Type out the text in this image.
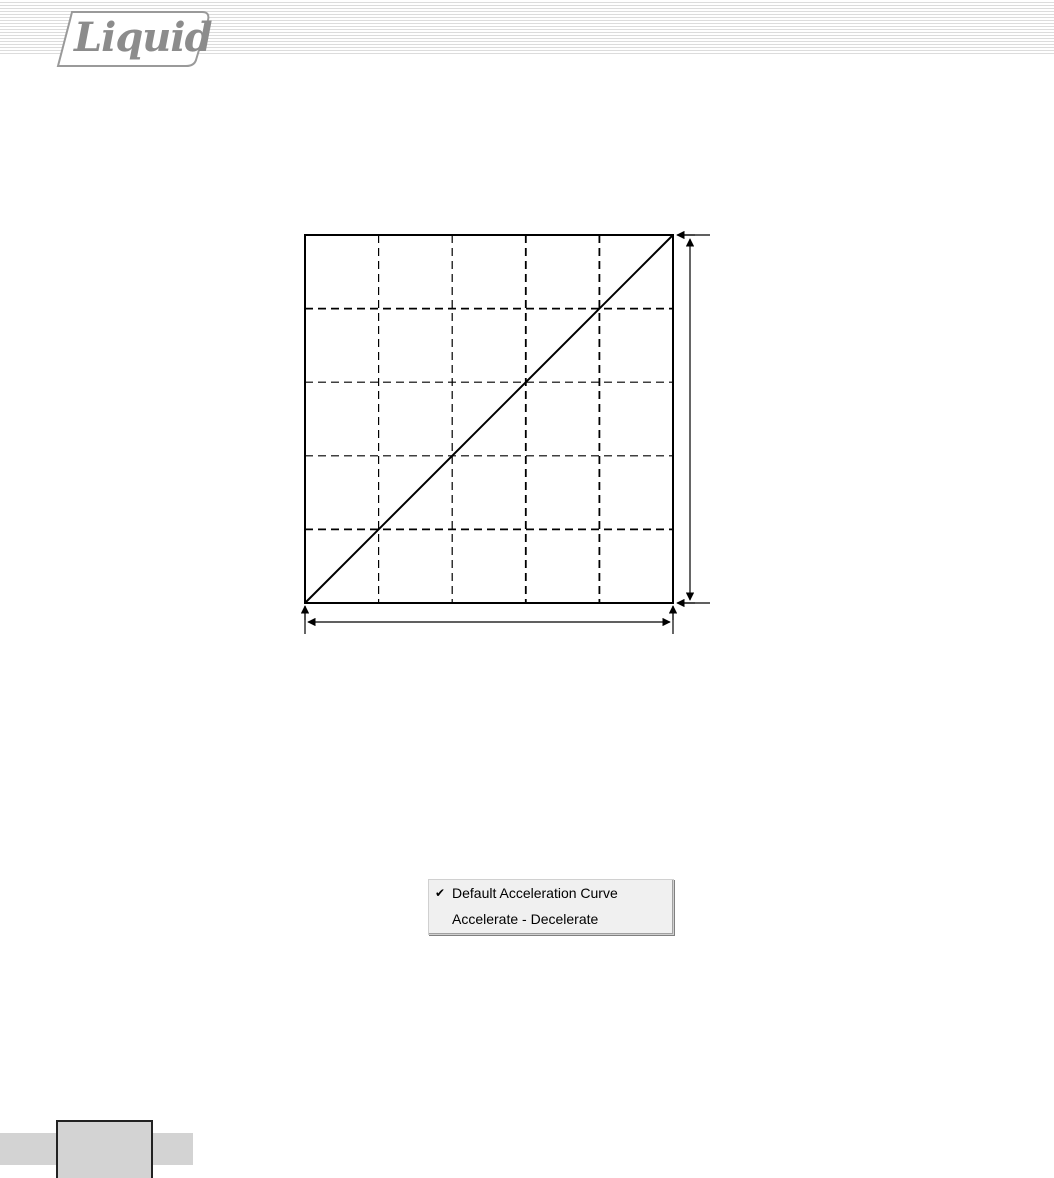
Liquid
✔ Default Acceleration Curve
Accelerate - Decelerate
